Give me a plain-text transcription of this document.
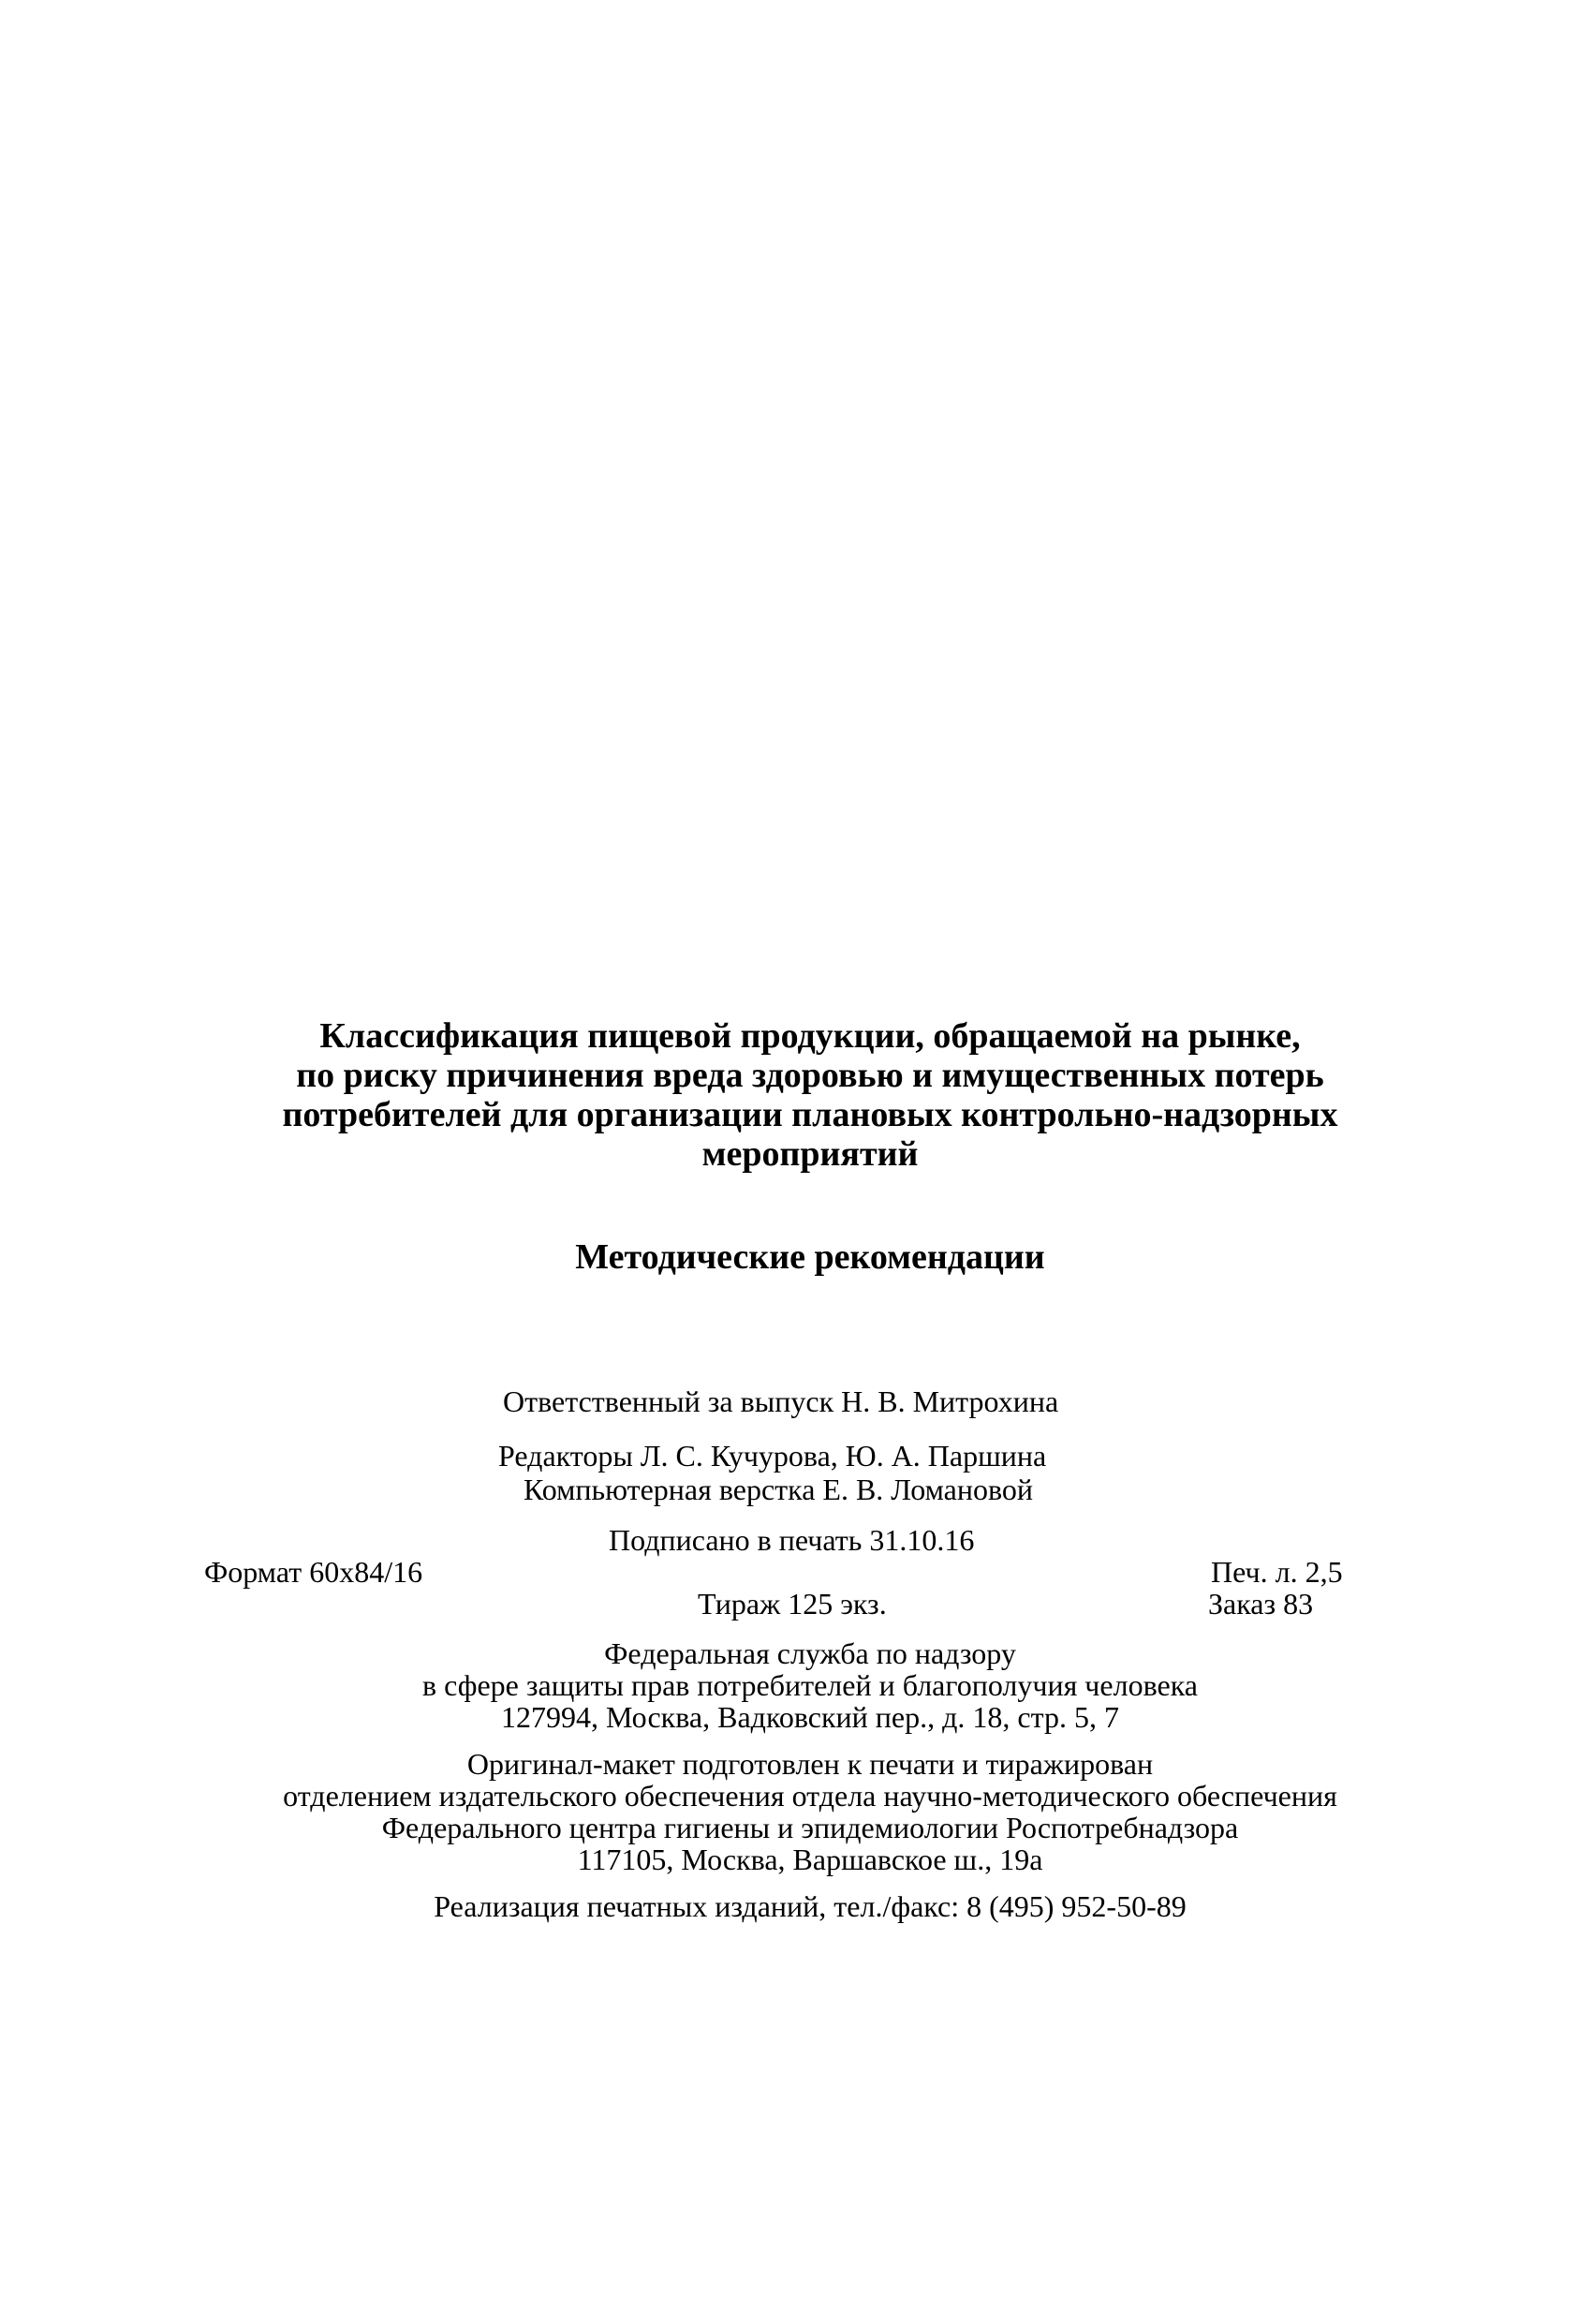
Классификация пищевой продукции, обращаемой на рынке,
по риску причинения вреда здоровью и имущественных потерь
потребителей для организации плановых контрольно-надзорных
мероприятий
Методические рекомендации
Ответственный за выпуск Н. В. Митрохина
Редакторы Л. С. Кучурова, Ю. А. Паршина
Компьютерная верстка Е. В. Ломановой
Подписано в печать 31.10.16
Формат 60x84/16	Печ. л. 2,5
Тираж 125 экз.	Заказ 83
Федеральная служба по надзору
в сфере защиты прав потребителей и благополучия человека
127994, Москва, Вадковский пер., д. 18, стр. 5, 7
Оригинал-макет подготовлен к печати и тиражирован
отделением издательского обеспечения отдела научно-методического обеспечения
Федерального центра гигиены и эпидемиологии Роспотребнадзора
117105, Москва, Варшавское ш., 19а
Реализация печатных изданий, тел./факс: 8 (495) 952-50-89
